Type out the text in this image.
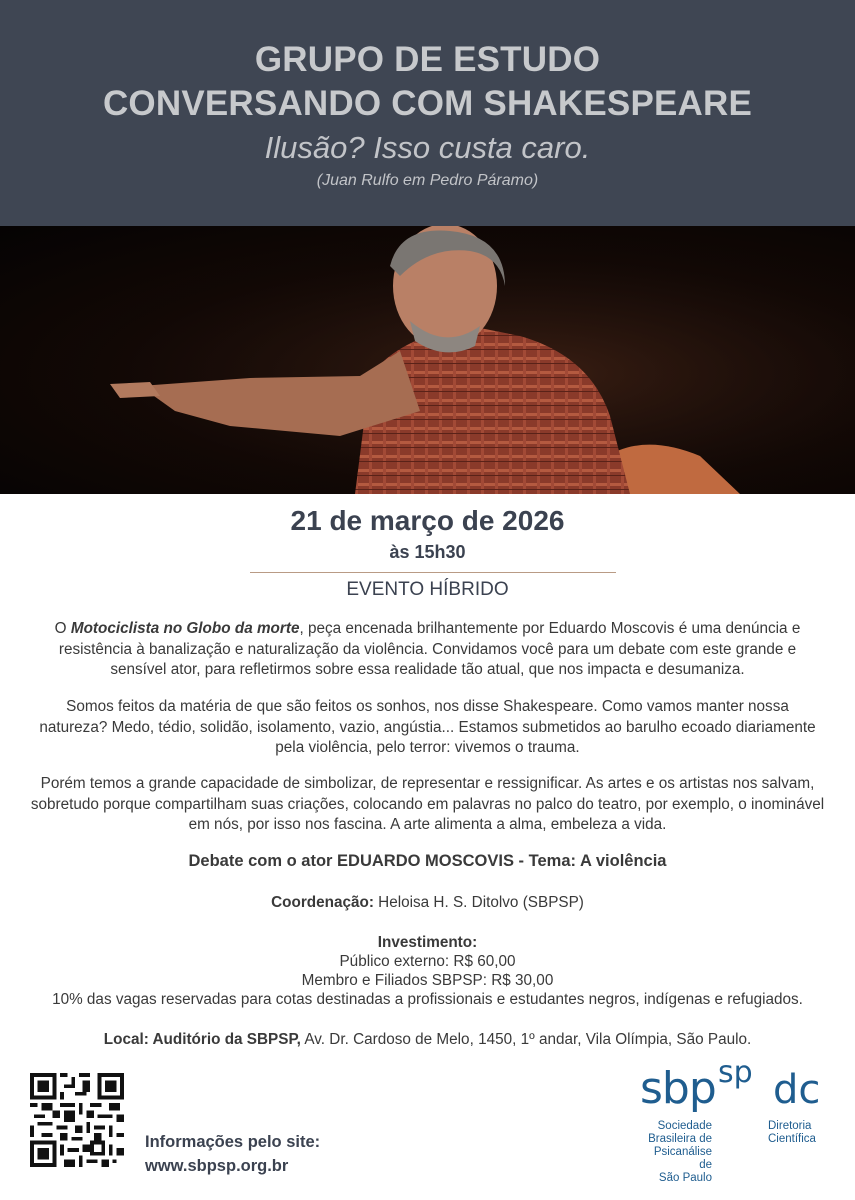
GRUPO DE ESTUDO
CONVERSANDO COM SHAKESPEARE
Ilusão? Isso custa caro.
(Juan Rulfo em Pedro Páramo)
21 de março de 2026
às 15h30
EVENTO HÍBRIDO
O Motociclista no Globo da morte, peça encenada brilhantemente por Eduardo Moscovis é uma denúncia e resistência à banalização e naturalização da violência. Convidamos você para um debate com este grande e sensível ator, para refletirmos sobre essa realidade tão atual, que nos impacta e desumaniza.
Somos feitos da matéria de que são feitos os sonhos, nos disse Shakespeare. Como vamos manter nossa natureza? Medo, tédio, solidão, isolamento, vazio, angústia... Estamos submetidos ao barulho ecoado diariamente pela violência, pelo terror: vivemos o trauma.
Porém temos a grande capacidade de simbolizar, de representar e ressignificar. As artes e os artistas nos salvam, sobretudo porque compartilham suas criações, colocando em palavras no palco do teatro, por exemplo, o inominável em nós, por isso nos fascina. A arte alimenta a alma, embeleza a vida.
Debate com o ator EDUARDO MOSCOVIS - Tema: A violência
Coordenação: Heloisa H. S. Ditolvo (SBPSP)
Investimento:
Público externo: R$ 60,00
Membro e Filiados SBPSP: R$ 30,00
10% das vagas reservadas para cotas destinadas a profissionais e estudantes negros, indígenas e refugiados.
Local: Auditório da SBPSP, Av. Dr. Cardoso de Melo, 1450, 1º andar, Vila Olímpia, São Paulo.
Informações pelo site:
www.sbpsp.org.br
sbp sp dc
Sociedade
Brasileira de
Psicanálise de
São Paulo
Diretoria
Científica
